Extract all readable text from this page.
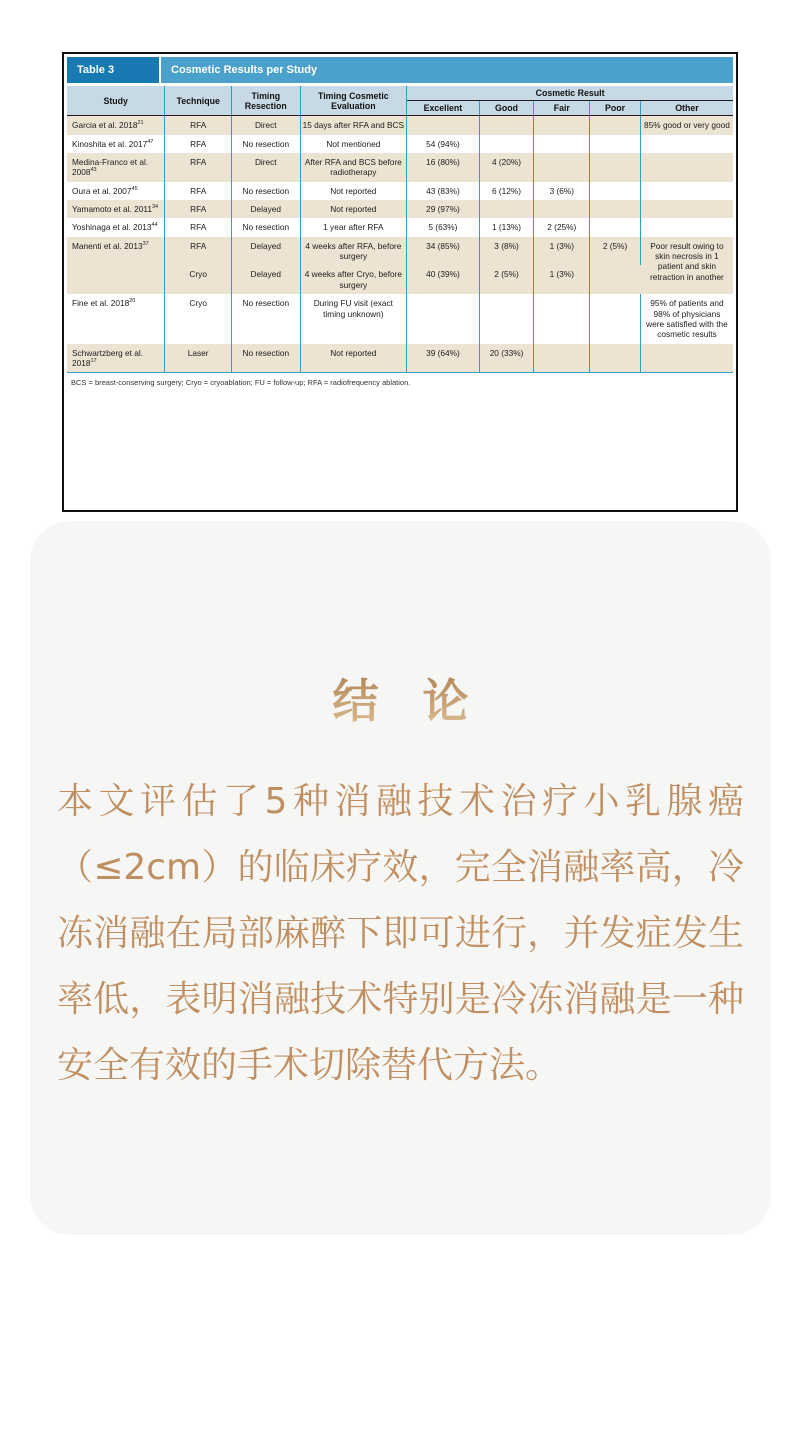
Table 3	Cosmetic Results per Study
Study	Technique	Timing Resection	Timing Cosmetic Evaluation	Cosmetic Result				
				Excellent	Good	Fair	Poor	Other
Garcia et al. 2018$^{21}$	RFA	Direct	15 days after RFA and BCS					85% good or very good
Kinoshita et al. 2017$^{47}$	RFA	No resection	Not mentioned	54 (94%)				
Medina-Franco et al. 2008$^{43}$	RFA	Direct	After RFA and BCS before radiotherapy	16 (80%)	4 (20%)			
Oura et al. 2007$^{45}$	RFA	No resection	Not reported	43 (83%)	6 (12%)	3 (6%)		
Yamamoto et al. 2011$^{34}$	RFA	Delayed	Not reported	29 (97%)				
Yoshinaga et al. 2013$^{44}$	RFA	No resection	1 year after RFA	5 (63%)	1 (13%)	2 (25%)		
Manenti et al. 2013$^{37}$	RFA	Delayed	4 weeks after RFA, before surgery	34 (85%)	3 (8%)	1 (3%)	2 (5%)	Poor result owing to skin necrosis in 1 patient and skin retraction in another
	Cryo	Delayed	4 weeks after Cryo, before surgery	40 (39%)	2 (5%)	1 (3%)		
Fine et al. 2018$^{20}$	Cryo	No resection	During FU visit (exact timing unknown)					95% of patients and 98% of physicians were satisfied with the cosmetic results
Schwartzberg et al. 2018$^{17}$	Laser	No resection	Not reported	39 (64%)	20 (33%)			
BCS = breast-conserving surgery; Cryo = cryoablation; FU = follow-up; RFA = radiofrequency ablation.
结 论
本文评估了5种消融技术治疗小乳腺癌（≤2cm）的临床疗效，完全消融率高，冷冻消融在局部麻醉下即可进行，并发症发生率低，表明消融技术特别是冷冻消融是一种安全有效的手术切除替代方法。
